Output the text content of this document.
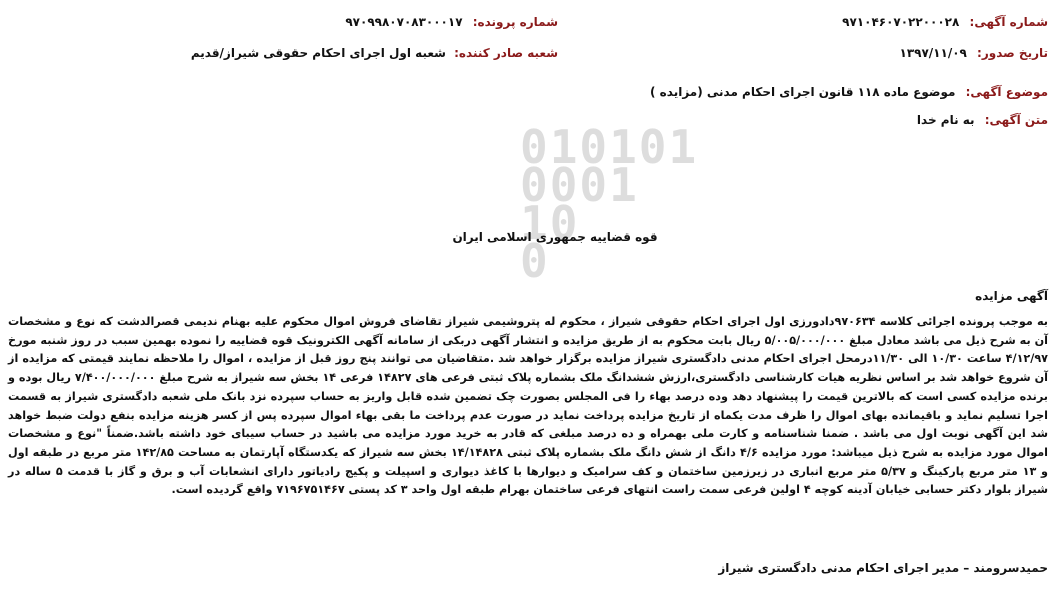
010101
0001
10
0
شماره آگهی: ۹۷۱۰۴۶۰۷۰۲۲۰۰۰۲۸
تاریخ صدور: ۱۳۹۷/۱۱/۰۹
شماره پرونده: ۹۷۰۹۹۸۰۷۰۸۳۰۰۰۱۷
شعبه صادر کننده: شعبه اول اجرای احکام حقوقی شیراز/قدیم
موضوع آگهی: موضوع ماده ۱۱۸ قانون اجرای احکام مدنی (مزایده )
متن آگهی: به نام خدا
قوه قضاییه جمهوری اسلامی ایران
آگهی مزایده
به موجب پرونده اجرائی کلاسه ۹۷۰۶۳۴دادورزی اول اجرای احکام حقوقی شیراز ، محکوم له پتروشیمی شیراز تقاضای فروش اموال محکوم علیه بهنام ندیمی قصرالدشت که نوع و مشخصات آن به شرح ذیل می باشد معادل مبلغ ۵/۰۰۵/۰۰۰/۰۰۰ ریال بابت محکوم به از طریق مزایده و انتشار آگهی دربکی از سامانه آگهی الکترونیک قوه قضاییه را نموده بهمین سبب در روز شنبه مورخ ۴/۱۲/۹۷ ساعت ۱۰/۳۰ الی ۱۱/۳۰درمحل اجرای احکام مدنی دادگستری شیراز مزایده برگزار خواهد شد .متقاضیان می توانند پنج روز قبل از مزایده ، اموال را ملاحظه نمایند قیمتی که مزایده از آن شروع خواهد شد بر اساس نظریه هیات کارشناسی دادگستری،ارزش ششدانگ ملک بشماره پلاک ثبتی فرعی های ۱۴۸۲۷ فرعی ۱۴ بخش سه شیراز به شرح مبلغ ۷/۴۰۰/۰۰۰/۰۰۰ ریال بوده و برنده مزایده کسی است که بالاترین قیمت را پیشنهاد دهد وده درصد بهاء را فی المجلس بصورت چک تضمین شده قابل واریز به حساب سپرده نزد بانک ملی شعبه دادگستری شیراز به قسمت اجرا تسلیم نماید و باقیمانده بهای اموال را ظرف مدت یکماه از تاریخ مزایده پرداخت نماید در صورت عدم پرداخت ما بقی بهاء اموال سپرده پس از کسر هزینه مزایده بنفع دولت ضبط خواهد شد این آگهی نوبت اول می باشد . ضمنا شناسنامه و کارت ملی بهمراه و ده درصد مبلغی که قادر به خرید مورد مزایده می باشید در حساب سیبای خود داشته باشد.ضمناً "نوع و مشخصات اموال مورد مزایده به شرح ذیل میباشد: مورد مزایده ۴/۶ دانگ از شش دانگ ملک بشماره پلاک ثبتی ۱۴/۱۴۸۲۸ بخش سه شیراز که یکدستگاه آپارتمان به مساحت ۱۴۲/۸۵ متر مربع در طبقه اول و ۱۳ متر مربع پارکینگ و ۵/۳۷ متر مربع انباری در زیرزمین ساختمان و کف سرامیک و دیوارها با کاغذ دیواری و اسپیلت و پکیج رادیاتور دارای انشعابات آب و برق و گاز با قدمت ۵ ساله در شیراز بلوار دکتر حسابی خیابان آدینه کوچه ۴ اولین فرعی سمت راست انتهای فرعی ساختمان بهرام طبقه اول واحد ۳ کد پستی ۷۱۹۶۷۵۱۴۶۷ واقع گردیده است.
حمیدسرومند – مدیر اجرای احکام مدنی دادگستری شیراز
